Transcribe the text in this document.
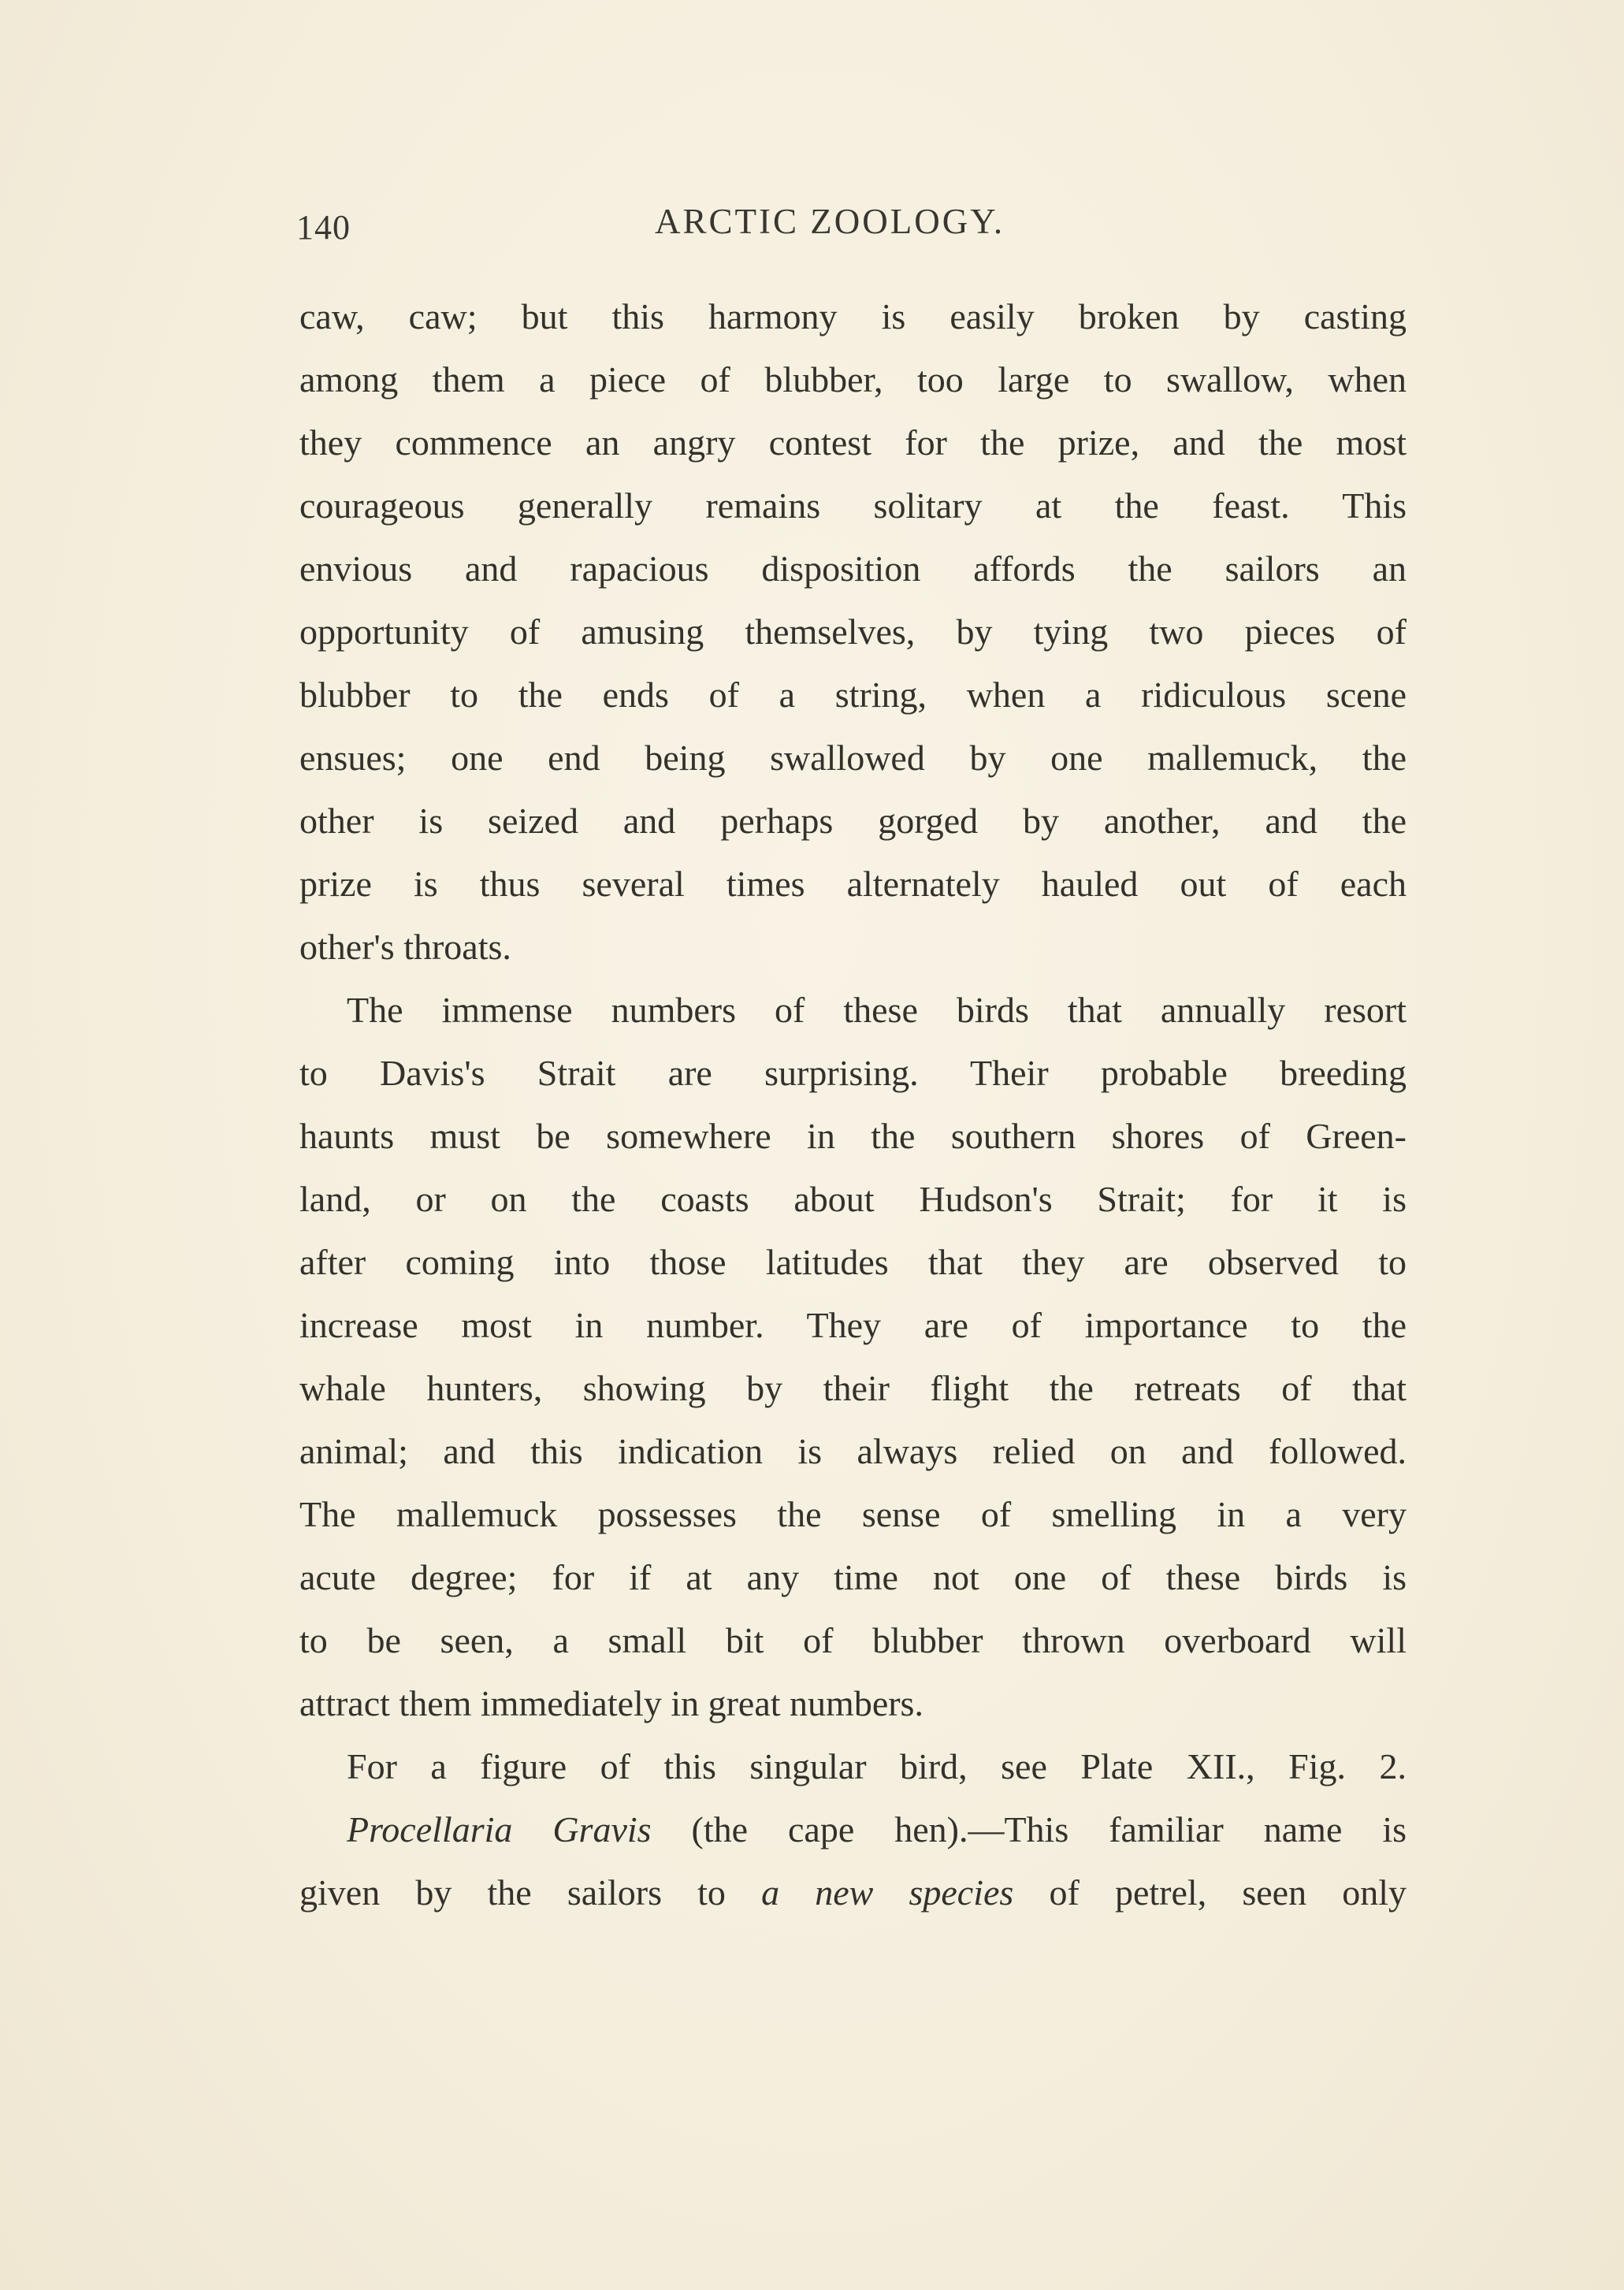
140	ARCTIC ZOOLOGY.
caw, caw; but this harmony is easily broken by casting
among them a piece of blubber, too large to swallow, when
they commence an angry contest for the prize, and the most
courageous generally remains solitary at the feast. This
envious and rapacious disposition affords the sailors an
opportunity of amusing themselves, by tying two pieces of
blubber to the ends of a string, when a ridiculous scene
ensues; one end being swallowed by one mallemuck, the
other is seized and perhaps gorged by another, and the
prize is thus several times alternately hauled out of each
other's throats.
The immense numbers of these birds that annually resort
to Davis's Strait are surprising. Their probable breeding
haunts must be somewhere in the southern shores of Green-
land, or on the coasts about Hudson's Strait; for it is
after coming into those latitudes that they are observed to
increase most in number. They are of importance to the
whale hunters, showing by their flight the retreats of that
animal; and this indication is always relied on and followed.
The mallemuck possesses the sense of smelling in a very
acute degree; for if at any time not one of these birds is
to be seen, a small bit of blubber thrown overboard will
attract them immediately in great numbers.
For a figure of this singular bird, see Plate XII., Fig. 2.
Procellaria Gravis (the cape hen).—This familiar name is
given by the sailors to a new species of petrel, seen only
